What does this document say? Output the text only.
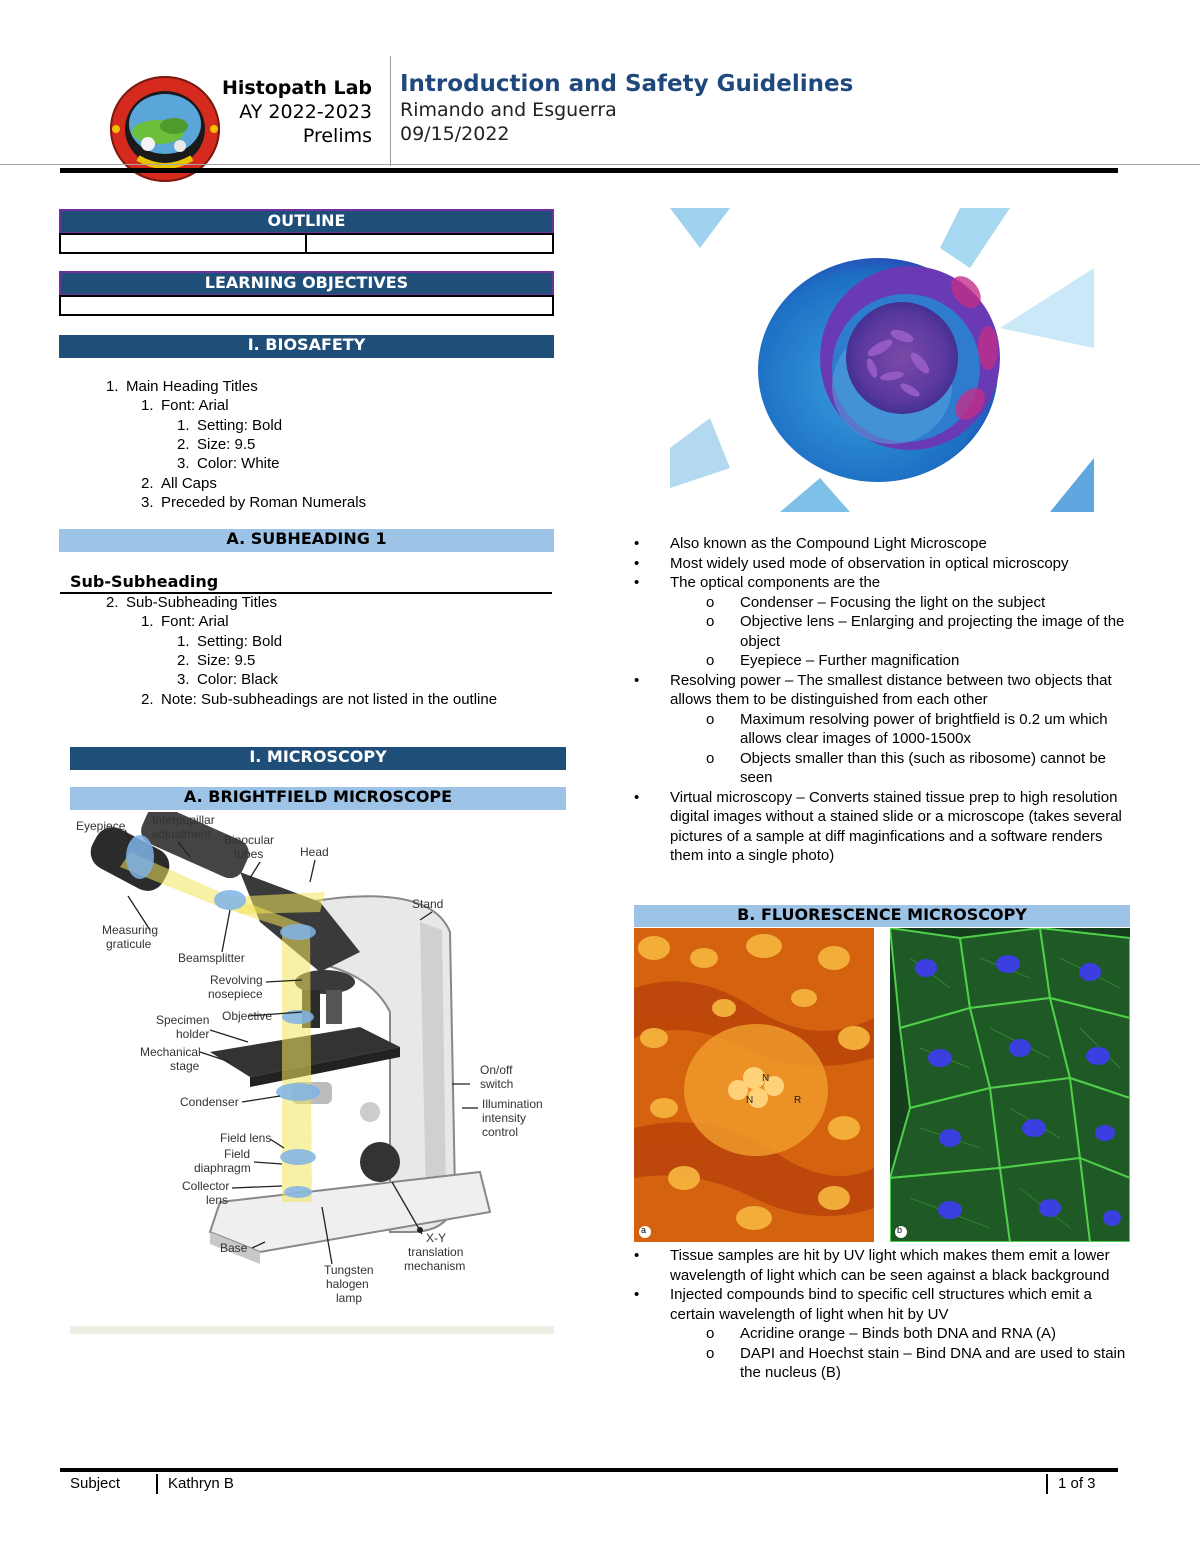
Histopath Lab
AY 2022-2023
Prelims
Introduction and Safety Guidelines
Rimando and Esguerra
09/15/2022
OUTLINE
LEARNING OBJECTIVES
I. BIOSAFETY
1. Main Heading Titles
1. Font: Arial
1. Setting: Bold
2. Size: 9.5
3. Color: White
2. All Caps
3. Preceded by Roman Numerals
A. SUBHEADING 1
Sub-Subheading
2. Sub-Subheading Titles
1. Font: Arial
1. Setting: Bold
2. Size: 9.5
3. Color: Black
2. Note: Sub-subheadings are not listed in the outline
I. MICROSCOPY
A. BRIGHTFIELD MICROSCOPE
Eyepiece Interpupillar
adjustment Binocular
tubes	Head
Stand
Measuring
graticule
Beamsplitter
Revolving
nosepiece
Specimen
holder
Objective
Mechanical
stage	On/off
switch
Illumination
intensity
control
Condenser
Field lens
Field
diaphragm
Collector
lens
Base
X-Y
translation
mechanism
Tungsten
halogen
lamp
• Also known as the Compound Light Microscope
• Most widely used mode of observation in optical microscopy
• The optical components are the
o Condenser – Focusing the light on the subject
o Objective lens – Enlarging and projecting the image of the object
o Eyepiece – Further magnification
• Resolving power – The smallest distance between two objects that allows them to be distinguished from each other
o Maximum resolving power of brightfield is 0.2 um which allows clear images of 1000-1500x
o Objects smaller than this (such as ribosome) cannot be seen
• Virtual microscopy – Converts stained tissue prep to high resolution digital images without a stained slide or a microscope (takes several pictures of a sample at diff maginfications and a software renders them into a single photo)
B. FLUORESCENCE MICROSCOPY
a
N
N	R
b
• Tissue samples are hit by UV light which makes them emit a lower wavelength of light which can be seen against a black background
• Injected compounds bind to specific cell structures which emit a certain wavelength of light when hit by UV
o Acridine orange – Binds both DNA and RNA (A)
o DAPI and Hoechst stain – Bind DNA and are used to stain the nucleus (B)
Subject	Kathryn B	1 of 3
